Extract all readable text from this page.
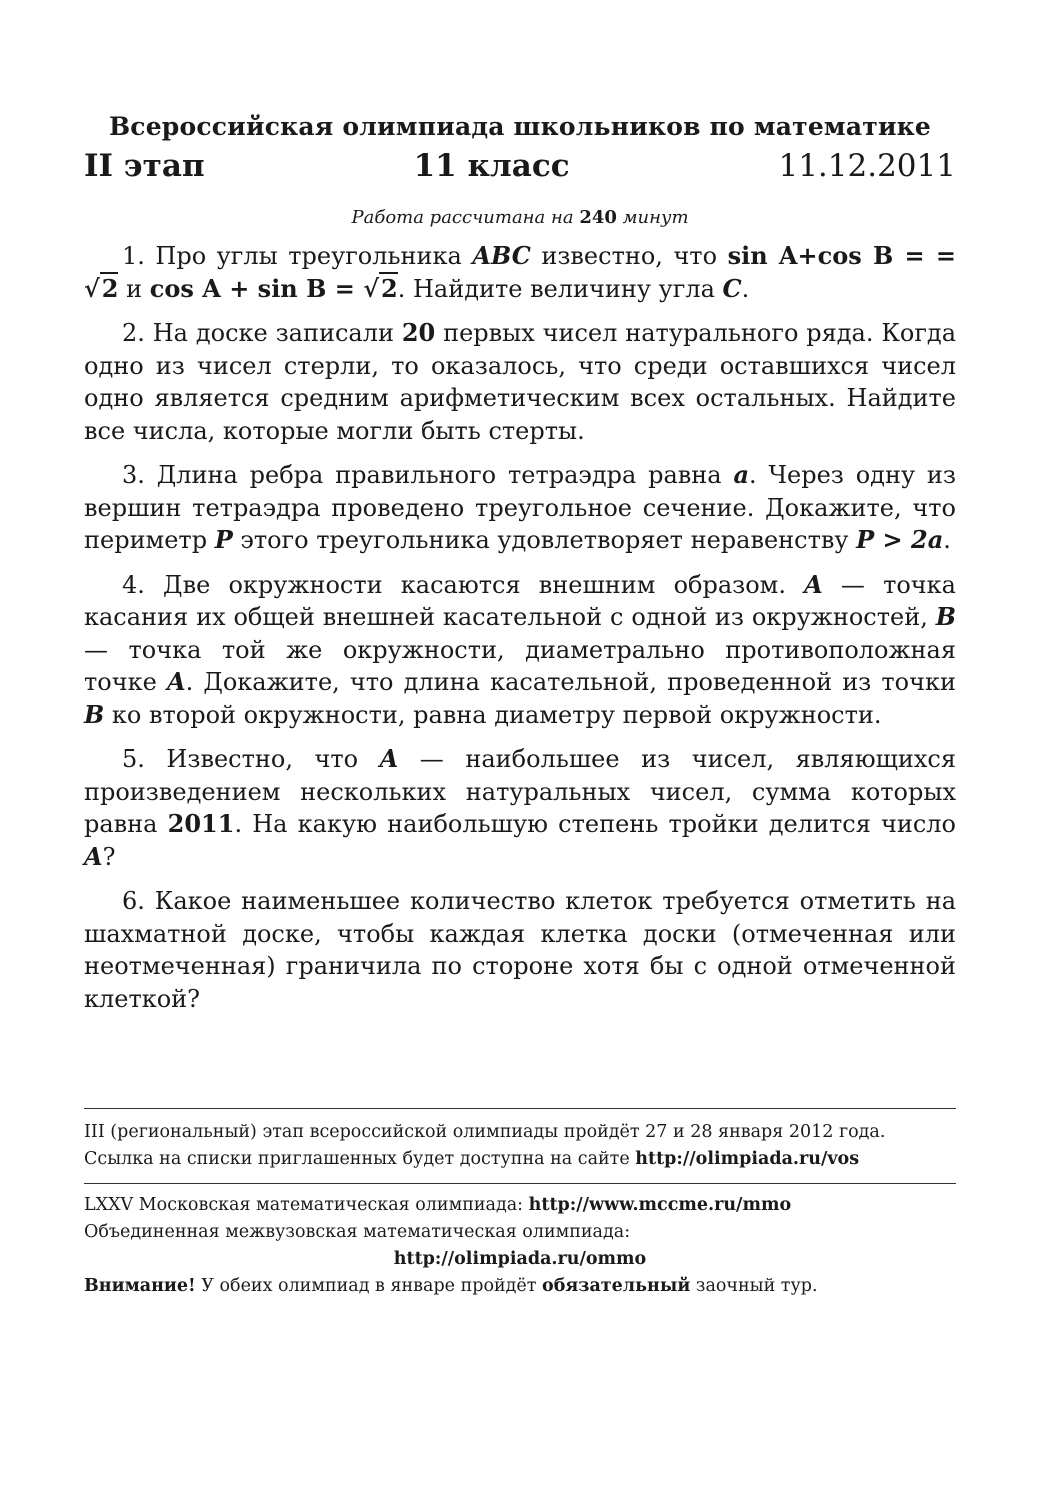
Всероссийская олимпиада школьников по математике
II этап	11 класс	11.12.2011
Работа рассчитана на 240 минут

1. Про углы треугольника ABC известно, что sin A+cos B = = √2 и cos A + sin B = √2. Найдите величину угла C.

2. На доске записали 20 первых чисел натурального ряда. Когда одно из чисел стерли, то оказалось, что среди оставшихся чисел одно является средним арифметическим всех остальных. Найдите все числа, которые могли быть стерты.

3. Длина ребра правильного тетраэдра равна a. Через одну из вершин тетраэдра проведено треугольное сечение. Докажите, что периметр P этого треугольника удовлетворяет неравенству P > 2a.

4. Две окружности касаются внешним образом. A — точка касания их общей внешней касательной с одной из окружностей, B — точка той же окружности, диаметрально противоположная точке A. Докажите, что длина касательной, проведенной из точки B ко второй окружности, равна диаметру первой окружности.

5. Известно, что A — наибольшее из чисел, являющихся произведением нескольких натуральных чисел, сумма которых равна 2011. На какую наибольшую степень тройки делится число A?

6. Какое наименьшее количество клеток требуется отметить на шахматной доске, чтобы каждая клетка доски (отмеченная или неотмеченная) граничила по стороне хотя бы с одной отмеченной клеткой?

III (региональный) этап всероссийской олимпиады пройдёт 27 и 28 января 2012 года.

Ссылка на списки приглашенных будет доступна на сайте http://olimpiada.ru/vos

LXXV Московская математическая олимпиада: http://www.mccme.ru/mmo

Объединенная межвузовская математическая олимпиада:

http://olimpiada.ru/ommo

Внимание! У обеих олимпиад в январе пройдёт обязательный заочный тур.
